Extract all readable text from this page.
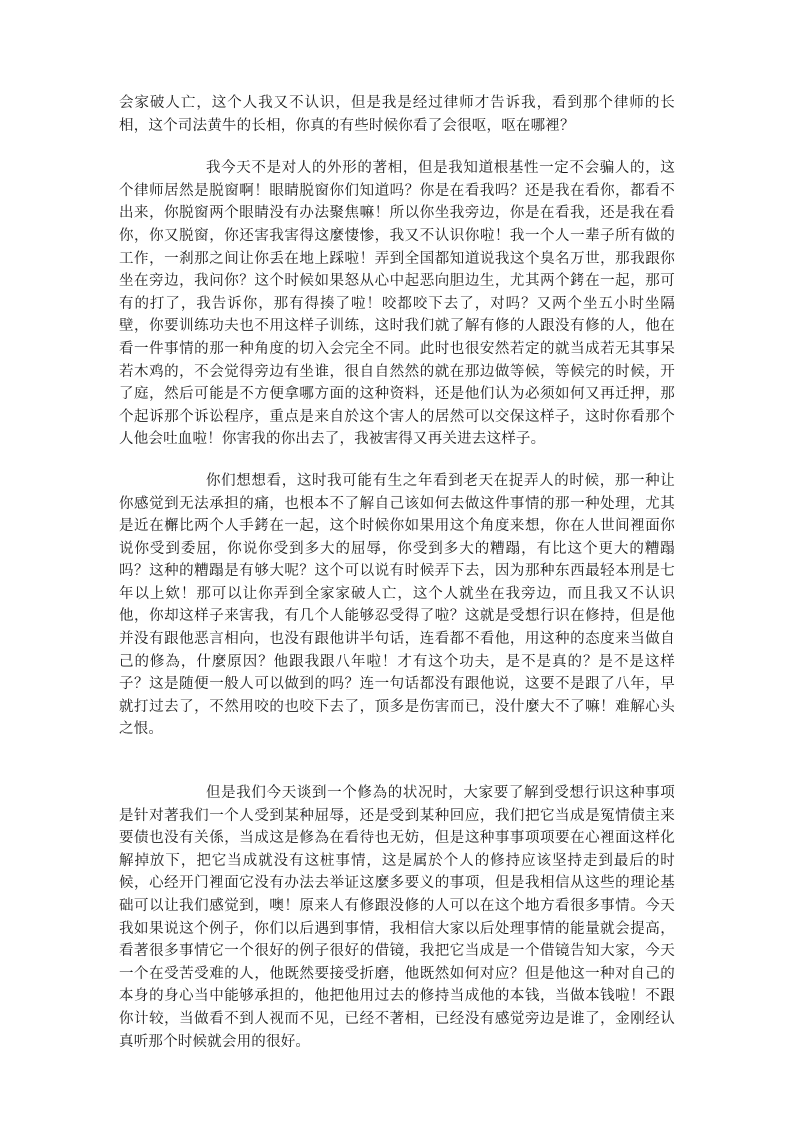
会家破人亡，这个人我又不认识，但是我是经过律师才告诉我，看到那个律师的长相，这个司法黄牛的长相，你真的有些时候你看了会很呕，呕在哪裡？

我今天不是对人的外形的著相，但是我知道根基性一定不会骗人的，这个律师居然是脱窗啊！眼睛脱窗你们知道吗？你是在看我吗？还是我在看你，都看不出来，你脱窗两个眼睛没有办法聚焦嘛！所以你坐我旁边，你是在看我，还是我在看你，你又脱窗，你还害我害得这麼悽惨，我又不认识你啦！我一个人一辈子所有做的工作，一刹那之间让你丢在地上踩啦！弄到全国都知道说我这个臭名万世，那我跟你坐在旁边，我问你？这个时候如果怒从心中起恶向胆边生，尤其两个銬在一起，那可有的打了，我告诉你，那有得揍了啦！咬都咬下去了，对吗？又两个坐五小时坐隔壁，你要训练功夫也不用这样子训练，这时我们就了解有修的人跟没有修的人，他在看一件事情的那一种角度的切入会完全不同。此时也很安然若定的就当成若无其事呆若木鸡的，不会觉得旁边有坐谁，很自自然然的就在那边做等候，等候完的时候，开了庭，然后可能是不方便拿哪方面的这种资料，还是他们认为必须如何又再迁押，那个起诉那个诉讼程序，重点是来自於这个害人的居然可以交保这样子，这时你看那个人他会吐血啦！你害我的你出去了，我被害得又再关进去这样子。

你们想想看，这时我可能有生之年看到老天在捉弄人的时候，那一种让你感觉到无法承担的痛，也根本不了解自己该如何去做这件事情的那一种处理，尤其是近在檞比两个人手銬在一起，这个时候你如果用这个角度来想，你在人世间裡面你说你受到委屈，你说你受到多大的屈辱，你受到多大的糟蹋，有比这个更大的糟蹋吗？这种的糟蹋是有够大呢？这个可以说有时候弄下去，因为那种东西最轻本刑是七年以上欸！那可以让你弄到全家家破人亡，这个人就坐在我旁边，而且我又不认识他，你却这样子来害我，有几个人能够忍受得了啦？这就是受想行识在修持，但是他并没有跟他恶言相向，也没有跟他讲半句话，连看都不看他，用这种的态度来当做自己的修為，什麼原因？他跟我跟八年啦！才有这个功夫，是不是真的？是不是这样子？这是随便一般人可以做到的吗？连一句话都没有跟他说，这要不是跟了八年，早就打过去了，不然用咬的也咬下去了，顶多是伤害而已，没什麼大不了嘛！难解心头之恨。

但是我们今天谈到一个修為的状况时，大家要了解到受想行识这种事项是针对著我们一个人受到某种屈辱，还是受到某种回应，我们把它当成是冤情债主来要债也没有关係，当成这是修為在看待也无妨，但是这种事事项项要在心裡面这样化解掉放下，把它当成就没有这桩事情，这是属於个人的修持应该坚持走到最后的时候，心经开门裡面它没有办法去举证这麼多要义的事项，但是我相信从这些的理论基础可以让我们感觉到，噢！原来人有修跟没修的人可以在这个地方看很多事情。今天我如果说这个例子，你们以后遇到事情，我相信大家以后处理事情的能量就会提高，看著很多事情它一个很好的例子很好的借镜，我把它当成是一个借镜告知大家，今天一个在受苦受难的人，他既然要接受折磨，他既然如何对应？但是他这一种对自己的本身的身心当中能够承担的，他把他用过去的修持当成他的本钱，当做本钱啦！不跟你计较，当做看不到人视而不见，已经不著相，已经没有感觉旁边是谁了，金刚经认真听那个时候就会用的很好。
